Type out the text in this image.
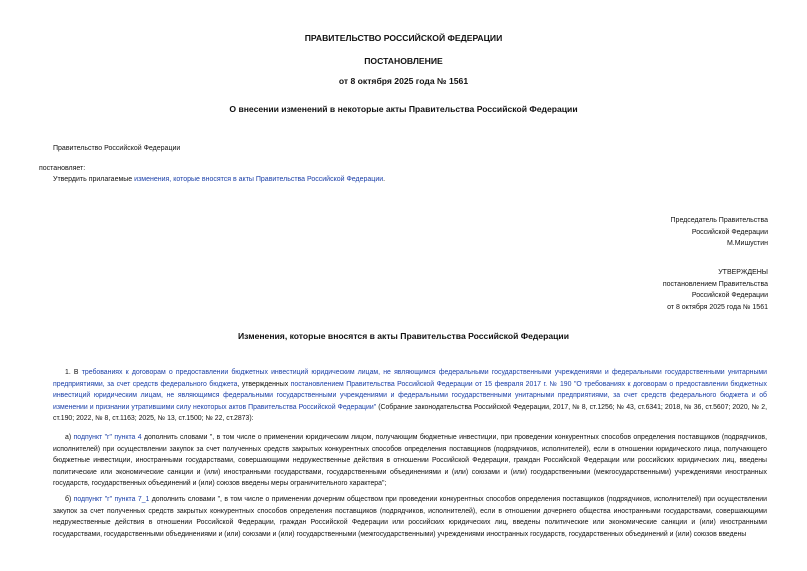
ПРАВИТЕЛЬСТВО РОССИЙСКОЙ ФЕДЕРАЦИИ
ПОСТАНОВЛЕНИЕ
от 8 октября 2025 года № 1561
О внесении изменений в некоторые акты Правительства Российской Федерации
Правительство Российской Федерации
постановляет:
Утвердить прилагаемые изменения, которые вносятся в акты Правительства Российской Федерации.
Председатель Правительства
Российской Федерации
М.Мишустин
УТВЕРЖДЕНЫ
постановлением Правительства
Российской Федерации
от 8 октября 2025 года № 1561
Изменения, которые вносятся в акты Правительства Российской Федерации
1. В требованиях к договорам о предоставлении бюджетных инвестиций юридическим лицам, не являющимся федеральными государственными учреждениями и федеральными государственными унитарными предприятиями, за счет средств федерального бюджета, утвержденных постановлением Правительства Российской Федерации от 15 февраля 2017 г. № 190 "О требованиях к договорам о предоставлении бюджетных инвестиций юридическим лицам, не являющимся федеральными государственными учреждениями и федеральными государственными унитарными предприятиями, за счет средств федерального бюджета и об изменении и признании утратившими силу некоторых актов Правительства Российской Федерации" (Собрание законодательства Российской Федерации, 2017, № 8, ст.1256; № 43, ст.6341; 2018, № 36, ст.5607; 2020, № 2, ст.190; 2022, № 8, ст.1163; 2025, № 13, ст.1500; № 22, ст.2873):
а) подпункт "г" пункта 4 дополнить словами ", в том числе о применении юридическим лицом, получающим бюджетные инвестиции, при проведении конкурентных способов определения поставщиков (подрядчиков, исполнителей) при осуществлении закупок за счет полученных средств закрытых конкурентных способов определения поставщиков (подрядчиков, исполнителей), если в отношении юридического лица, получающего бюджетные инвестиции, иностранными государствами, совершающими недружественные действия в отношении Российской Федерации, граждан Российской Федерации или российских юридических лиц, введены политические или экономические санкции и (или) иностранными государствами, государственными объединениями и (или) союзами и (или) государственными (межгосударственными) учреждениями иностранных государств, государственных объединений и (или) союзов введены меры ограничительного характера";
б) подпункт "г" пункта 7_1 дополнить словами ", в том числе о применении дочерним обществом при проведении конкурентных способов определения поставщиков (подрядчиков, исполнителей) при осуществлении закупок за счет полученных средств закрытых конкурентных способов определения поставщиков (подрядчиков, исполнителей), если в отношении дочернего общества иностранными государствами, совершающими недружественные действия в отношении Российской Федерации, граждан Российской Федерации или российских юридических лиц, введены политические или экономические санкции и (или) иностранными государствами, государственными объединениями и (или) союзами и (или) государственными (межгосударственными) учреждениями иностранных государств, государственных объединений и (или) союзов введены
